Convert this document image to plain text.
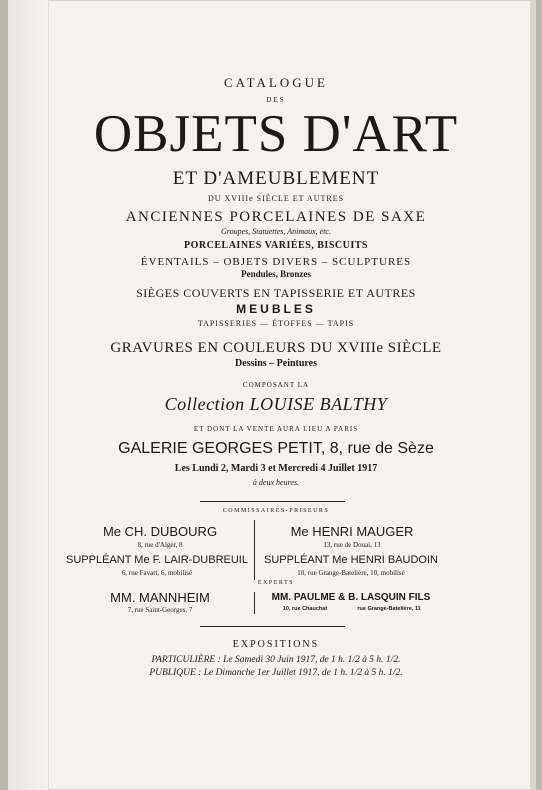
CATALOGUE
DES
OBJETS D'ART
ET D'AMEUBLEMENT
DU XVIIIe SIÈCLE ET AUTRES
ANCIENNES PORCELAINES DE SAXE
Groupes, Statuettes, Animaux, etc.
PORCELAINES VARIÉES, BISCUITS
ÉVENTAILS – OBJETS DIVERS – SCULPTURES
Pendules, Bronzes
SIÈGES COUVERTS EN TAPISSERIE ET AUTRES
MEUBLES
TAPISSERIES — ÉTOFFES — TAPIS
GRAVURES EN COULEURS DU XVIIIe SIÈCLE
Dessins – Peintures
COMPOSANT LA
Collection LOUISE BALTHY
ET DONT LA VENTE AURA LIEU A PARIS
GALERIE GEORGES PETIT, 8, rue de Sèze
Les Lundi 2, Mardi 3 et Mercredi 4 Juillet 1917
à deux heures.
COMMISSAIRES-PRISEURS
Me CH. DUBOURG
8, rue d'Alger, 8
Me HENRI MAUGER
13, rue de Douai, 13
SUPPLÉANT Me F. LAIR-DUBREUIL
6, rue Favart, 6, mobilisé
SUPPLÉANT Me HENRI BAUDOIN
10, rue Grange-Batelière, 10, mobilisé
EXPERTS
MM. MANNHEIM
7, rue Saint-Georges, 7
MM. PAULME & B. LASQUIN FILS
10, rue Chauchat	rue Grange-Batelière, 11
EXPOSITIONS
PARTICULIÈRE : Le Samedi 30 Juin 1917, de 1 h. 1/2 à 5 h. 1/2.
PUBLIQUE : Le Dimanche 1er Juillet 1917, de 1 h. 1/2 à 5 h. 1/2.
